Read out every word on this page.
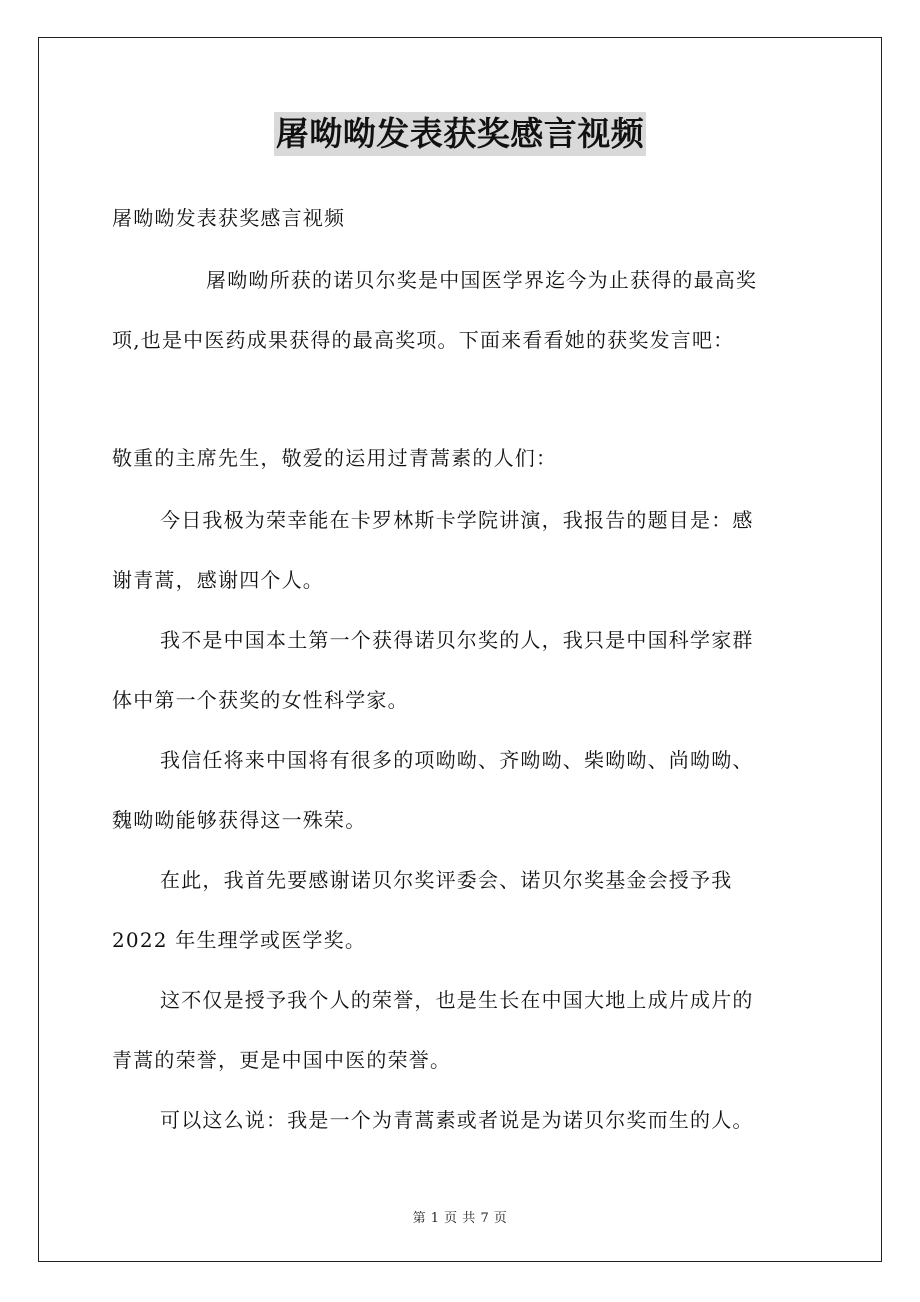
屠呦呦发表获奖感言视频
屠呦呦发表获奖感言视频
屠呦呦所获的诺贝尔奖是中国医学界迄今为止获得的最高奖
项,也是中医药成果获得的最高奖项。下面来看看她的获奖发言吧：
敬重的主席先生，敬爱的运用过青蒿素的人们：
今日我极为荣幸能在卡罗林斯卡学院讲演，我报告的题目是：感
谢青蒿，感谢四个人。
我不是中国本土第一个获得诺贝尔奖的人，我只是中国科学家群
体中第一个获奖的女性科学家。
我信任将来中国将有很多的项呦呦、齐呦呦、柴呦呦、尚呦呦、
魏呦呦能够获得这一殊荣。
在此，我首先要感谢诺贝尔奖评委会、诺贝尔奖基金会授予我
2022 年生理学或医学奖。
这不仅是授予我个人的荣誉，也是生长在中国大地上成片成片的
青蒿的荣誉，更是中国中医的荣誉。
可以这么说：我是一个为青蒿素或者说是为诺贝尔奖而生的人。
第 1 页 共 7 页
